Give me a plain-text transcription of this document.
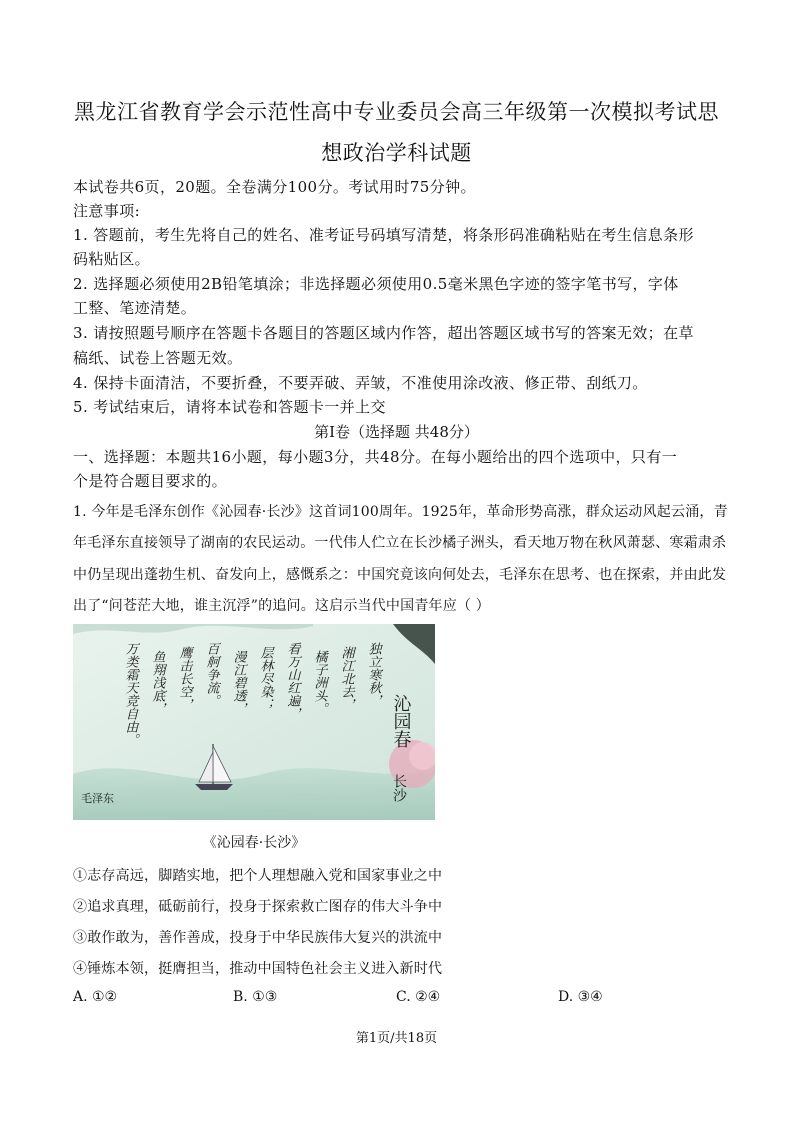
黑龙江省教育学会示范性高中专业委员会高三年级第一次模拟考试思
想政治学科试题
本试卷共6页，20题。全卷满分100分。考试用时75分钟。
注意事项:
1. 答题前，考生先将自己的姓名、准考证号码填写清楚，将条形码准确粘贴在考生信息条形
码粘贴区。
2. 选择题必须使用2B铅笔填涂；非选择题必须使用0.5毫米黑色字迹的签字笔书写，字体
工整、笔迹清楚。
3. 请按照题号顺序在答题卡各题目的答题区域内作答，超出答题区域书写的答案无效；在草
稿纸、试卷上答题无效。
4. 保持卡面清洁，不要折叠，不要弄破、弄皱，不准使用涂改液、修正带、刮纸刀。
5. 考试结束后，请将本试卷和答题卡一并上交
第Ⅰ卷（选择题 共48分）
一、选择题：本题共16小题，每小题3分，共48分。在每小题给出的四个选项中，只有一
个是符合题目要求的。
1. 今年是毛泽东创作《沁园春·长沙》这首词100周年。1925年，革命形势高涨，群众运动风起云涌，青
年毛泽东直接领导了湖南的农民运动。一代伟人伫立在长沙橘子洲头，看天地万物在秋风萧瑟、寒霜肃杀
中仍呈现出蓬勃生机、奋发向上，感慨系之：中国究竟该向何处去，毛泽东在思考、也在探索，并由此发
出了“问苍茫大地，谁主沉浮”的追问。这启示当代中国青年应（ ）
独立寒秋，
湘江北去，
橘子洲头。
看万山红遍，
层林尽染；
漫江碧透，
百舸争流。
鹰击长空，
鱼翔浅底，
万类霜天竞自由。	沁园春
长沙
毛泽东
《沁园春·长沙》
①志存高远，脚踏实地，把个人理想融入党和国家事业之中
②追求真理，砥砺前行，投身于探索救亡图存的伟大斗争中
③敢作敢为，善作善成，投身于中华民族伟大复兴的洪流中
④锤炼本领，挺膺担当，推动中国特色社会主义进入新时代
A. ①②	B. ①③	C. ②④	D. ③④
第1页/共18页
